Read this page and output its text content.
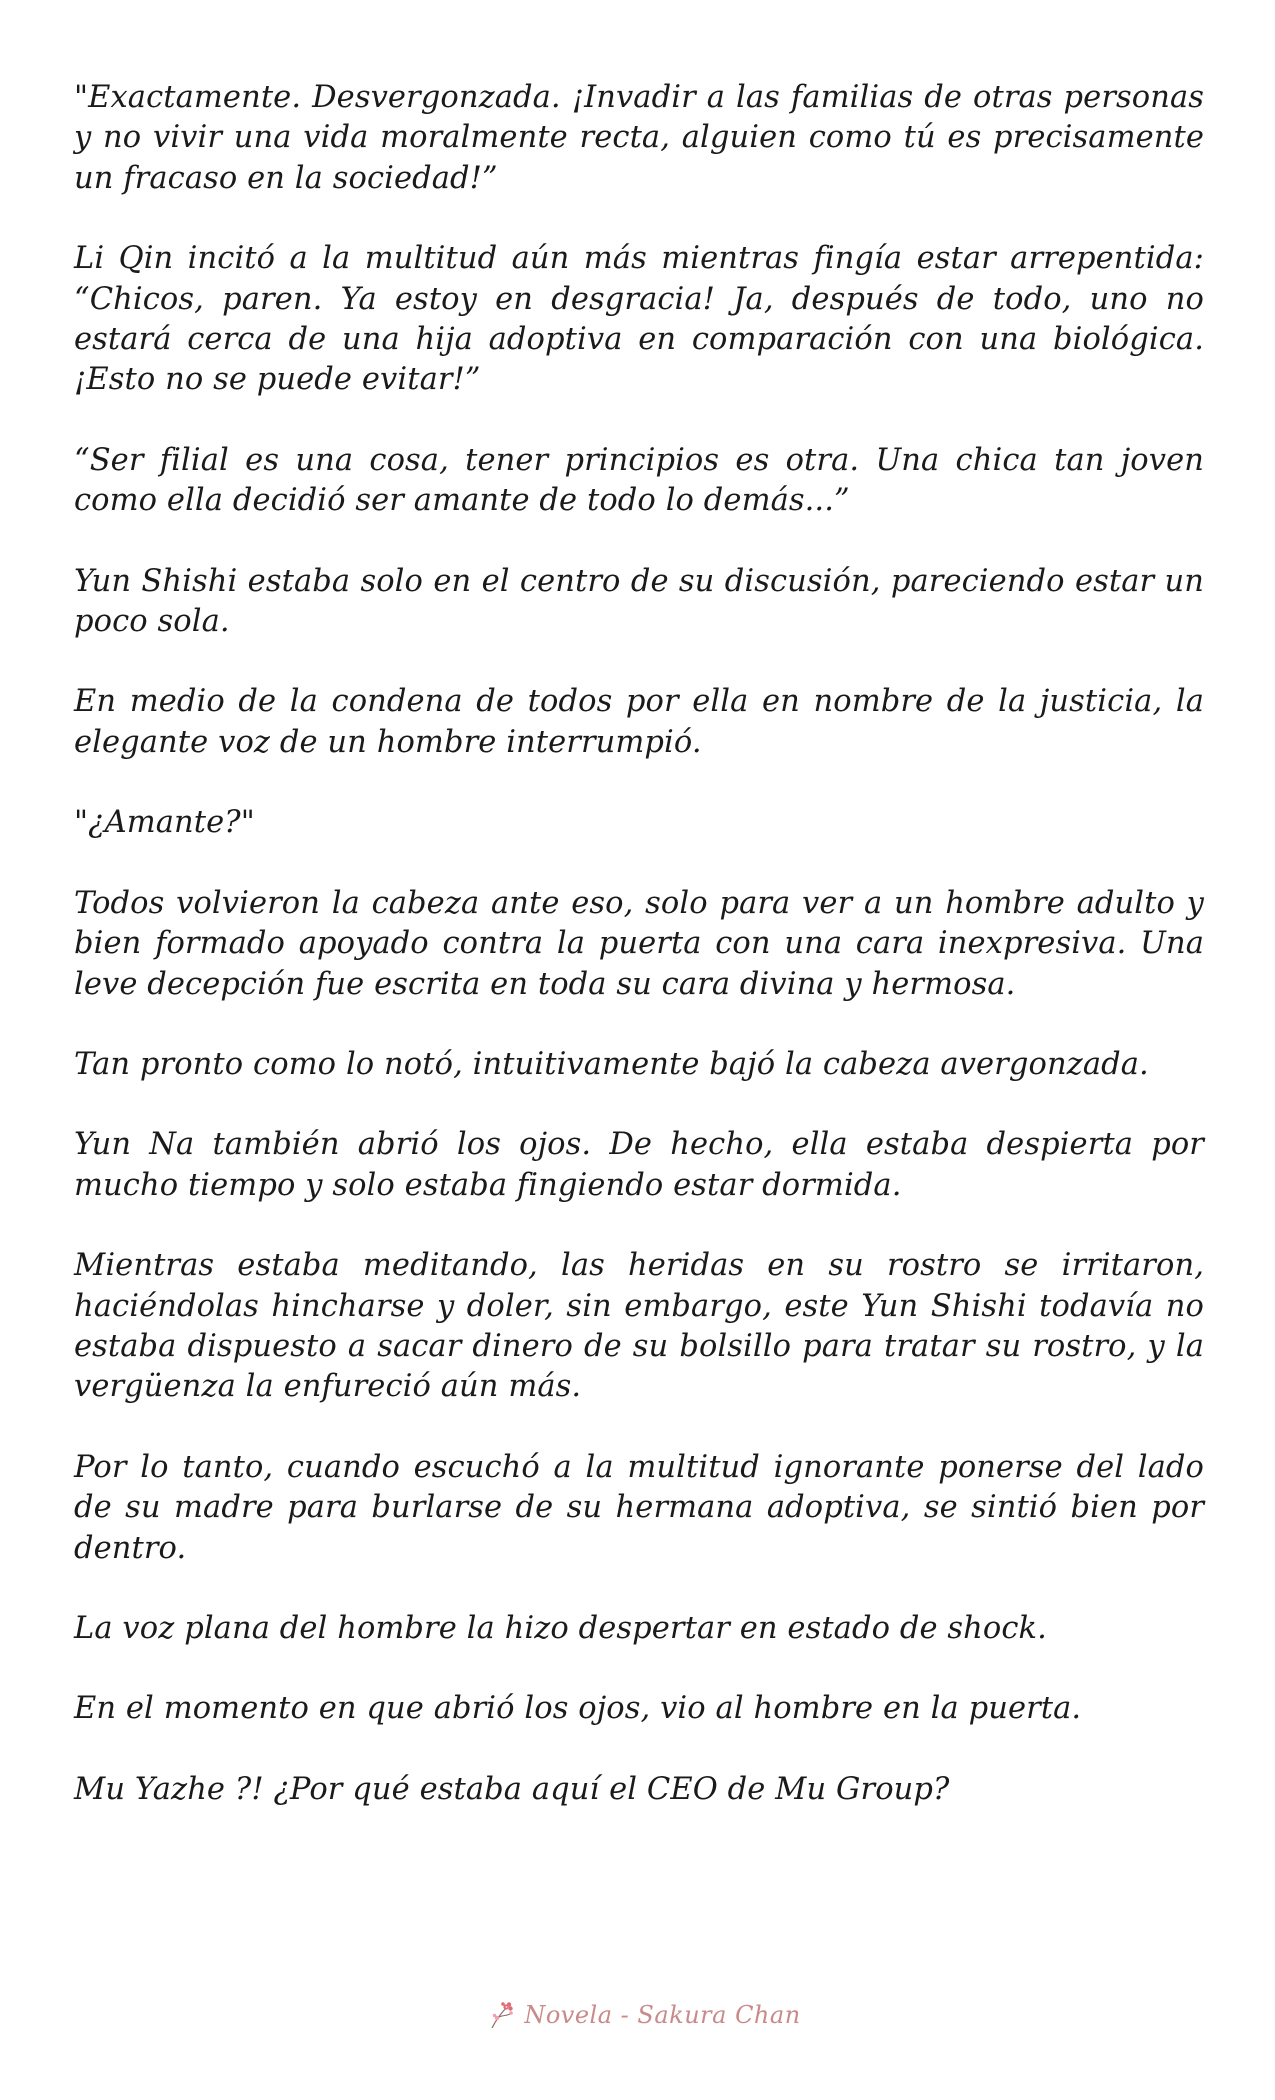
"Exactamente. Desvergonzada. ¡Invadir a las familias de otras personas y no vivir una vida moralmente recta, alguien como tú es precisamente un fracaso en la sociedad!”

Li Qin incitó a la multitud aún más mientras fingía estar arrepentida: “Chicos, paren. Ya estoy en desgracia! Ja, después de todo, uno no estará cerca de una hija adoptiva en comparación con una biológica. ¡Esto no se puede evitar!”

“Ser filial es una cosa, tener principios es otra. Una chica tan joven como ella decidió ser amante de todo lo demás...”

Yun Shishi estaba solo en el centro de su discusión, pareciendo estar un poco sola.

En medio de la condena de todos por ella en nombre de la justicia, la elegante voz de un hombre interrumpió.

"¿Amante?"

Todos volvieron la cabeza ante eso, solo para ver a un hombre adulto y bien formado apoyado contra la puerta con una cara inexpresiva. Una leve decepción fue escrita en toda su cara divina y hermosa.

Tan pronto como lo notó, intuitivamente bajó la cabeza avergonzada.

Yun Na también abrió los ojos. De hecho, ella estaba despierta por mucho tiempo y solo estaba fingiendo estar dormida.

Mientras estaba meditando, las heridas en su rostro se irritaron, haciéndolas hincharse y doler, sin embargo, este Yun Shishi todavía no estaba dispuesto a sacar dinero de su bolsillo para tratar su rostro, y la vergüenza la enfureció aún más.

Por lo tanto, cuando escuchó a la multitud ignorante ponerse del lado de su madre para burlarse de su hermana adoptiva, se sintió bien por dentro.

La voz plana del hombre la hizo despertar en estado de shock.

En el momento en que abrió los ojos, vio al hombre en la puerta.

Mu Yazhe ?! ¿Por qué estaba aquí el CEO de Mu Group?

Novela - Sakura Chan
